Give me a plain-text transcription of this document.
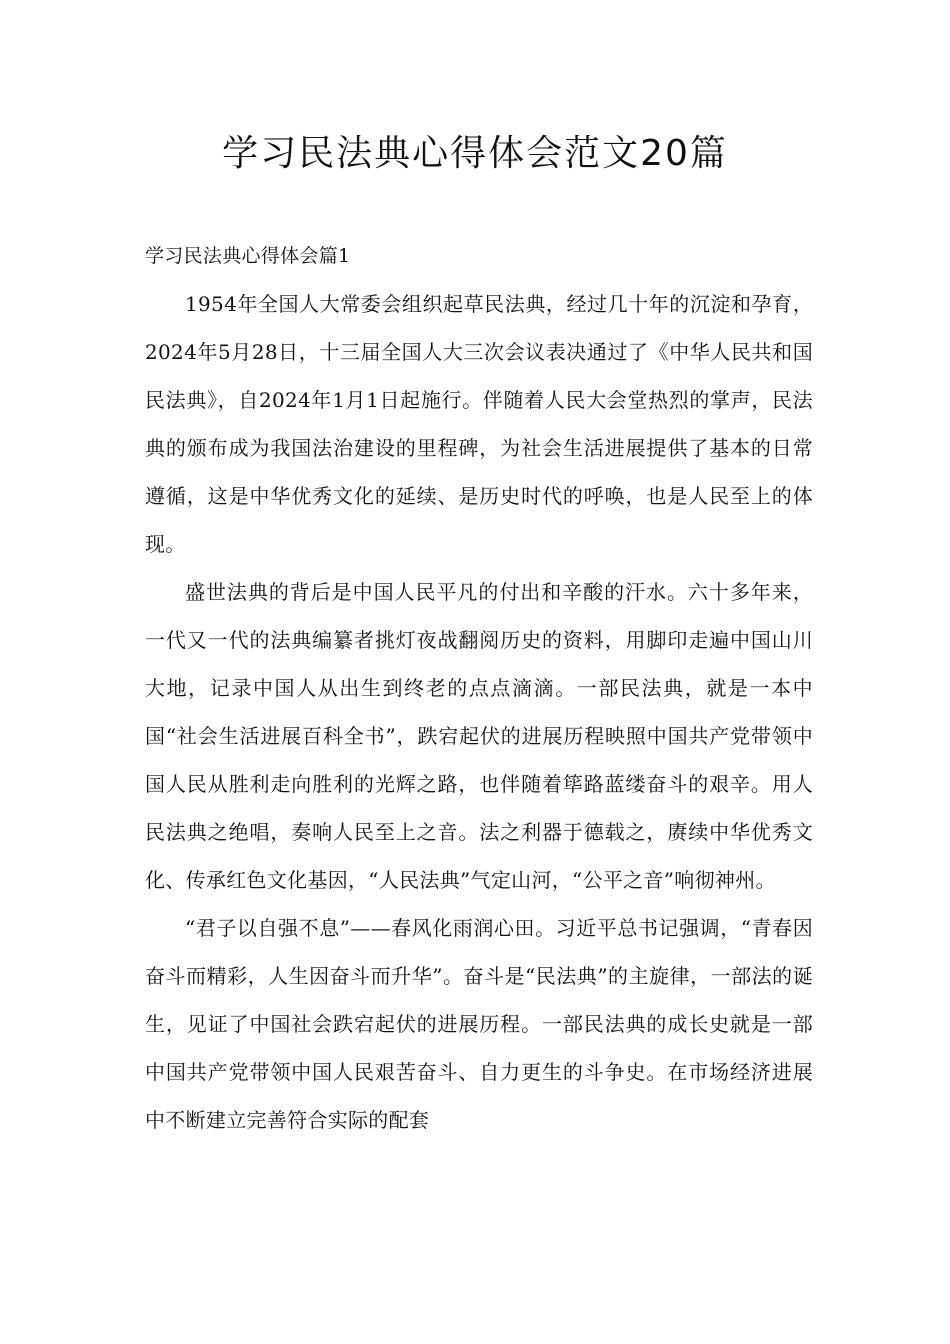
学习民法典心得体会范文20篇

学习民法典心得体会篇1

1954年全国人大常委会组织起草民法典，经过几十年的沉淀和孕育，2024年5月28日，十三届全国人大三次会议表决通过了《中华人民共和国民法典》，自2024年1月1日起施行。伴随着人民大会堂热烈的掌声，民法典的颁布成为我国法治建设的里程碑，为社会生活进展提供了基本的日常遵循，这是中华优秀文化的延续、是历史时代的呼唤，也是人民至上的体现。

盛世法典的背后是中国人民平凡的付出和辛酸的汗水。六十多年来，一代又一代的法典编纂者挑灯夜战翻阅历史的资料，用脚印走遍中国山川大地，记录中国人从出生到终老的点点滴滴。一部民法典，就是一本中国“社会生活进展百科全书”，跌宕起伏的进展历程映照中国共产党带领中国人民从胜利走向胜利的光辉之路，也伴随着筚路蓝缕奋斗的艰辛。用人民法典之绝唱，奏响人民至上之音。法之利器于德载之，赓续中华优秀文化、传承红色文化基因，“人民法典”气定山河，“公平之音”响彻神州。

“君子以自强不息”——春风化雨润心田。习近平总书记强调，“青春因奋斗而精彩，人生因奋斗而升华”。奋斗是“民法典”的主旋律，一部法的诞生，见证了中国社会跌宕起伏的进展历程。一部民法典的成长史就是一部中国共产党带领中国人民艰苦奋斗、自力更生的斗争史。在市场经济进展中不断建立完善符合实际的配套
